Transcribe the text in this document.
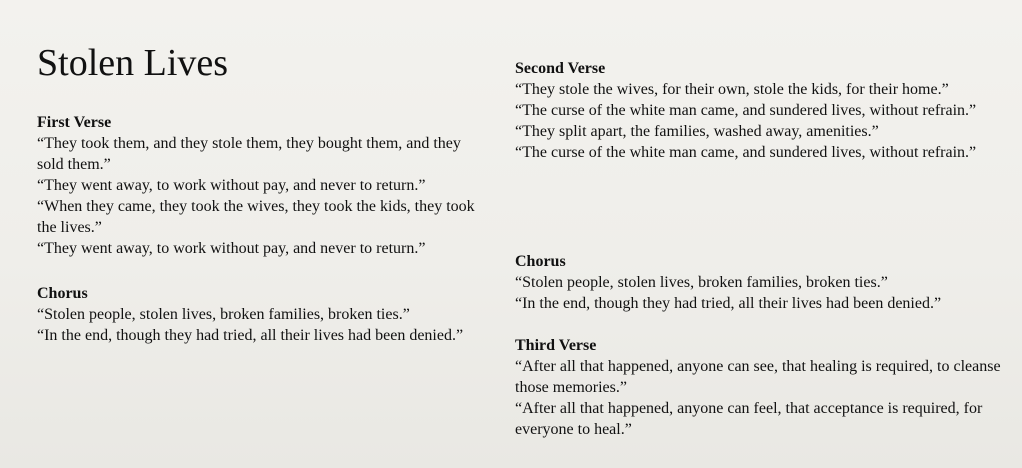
Stolen Lives

First Verse

“They took them, and they stole them, they bought them, and they sold them.”

“They went away, to work without pay, and never to return.”

“When they came, they took the wives, they took the kids, they took the lives.”

“They went away, to work without pay, and never to return.”

Chorus

“Stolen people, stolen lives, broken families, broken ties.”

“In the end, though they had tried, all their lives had been denied.”

Second Verse

“They stole the wives, for their own, stole the kids, for their home.”

“The curse of the white man came, and sundered lives, without refrain.”

“They split apart, the families, washed away, amenities.”

“The curse of the white man came, and sundered lives, without refrain.”

Chorus

“Stolen people, stolen lives, broken families, broken ties.”

“In the end, though they had tried, all their lives had been denied.”

Third Verse

“After all that happened, anyone can see, that healing is required, to cleanse those memories.”

“After all that happened, anyone can feel, that acceptance is required, for everyone to heal.”
